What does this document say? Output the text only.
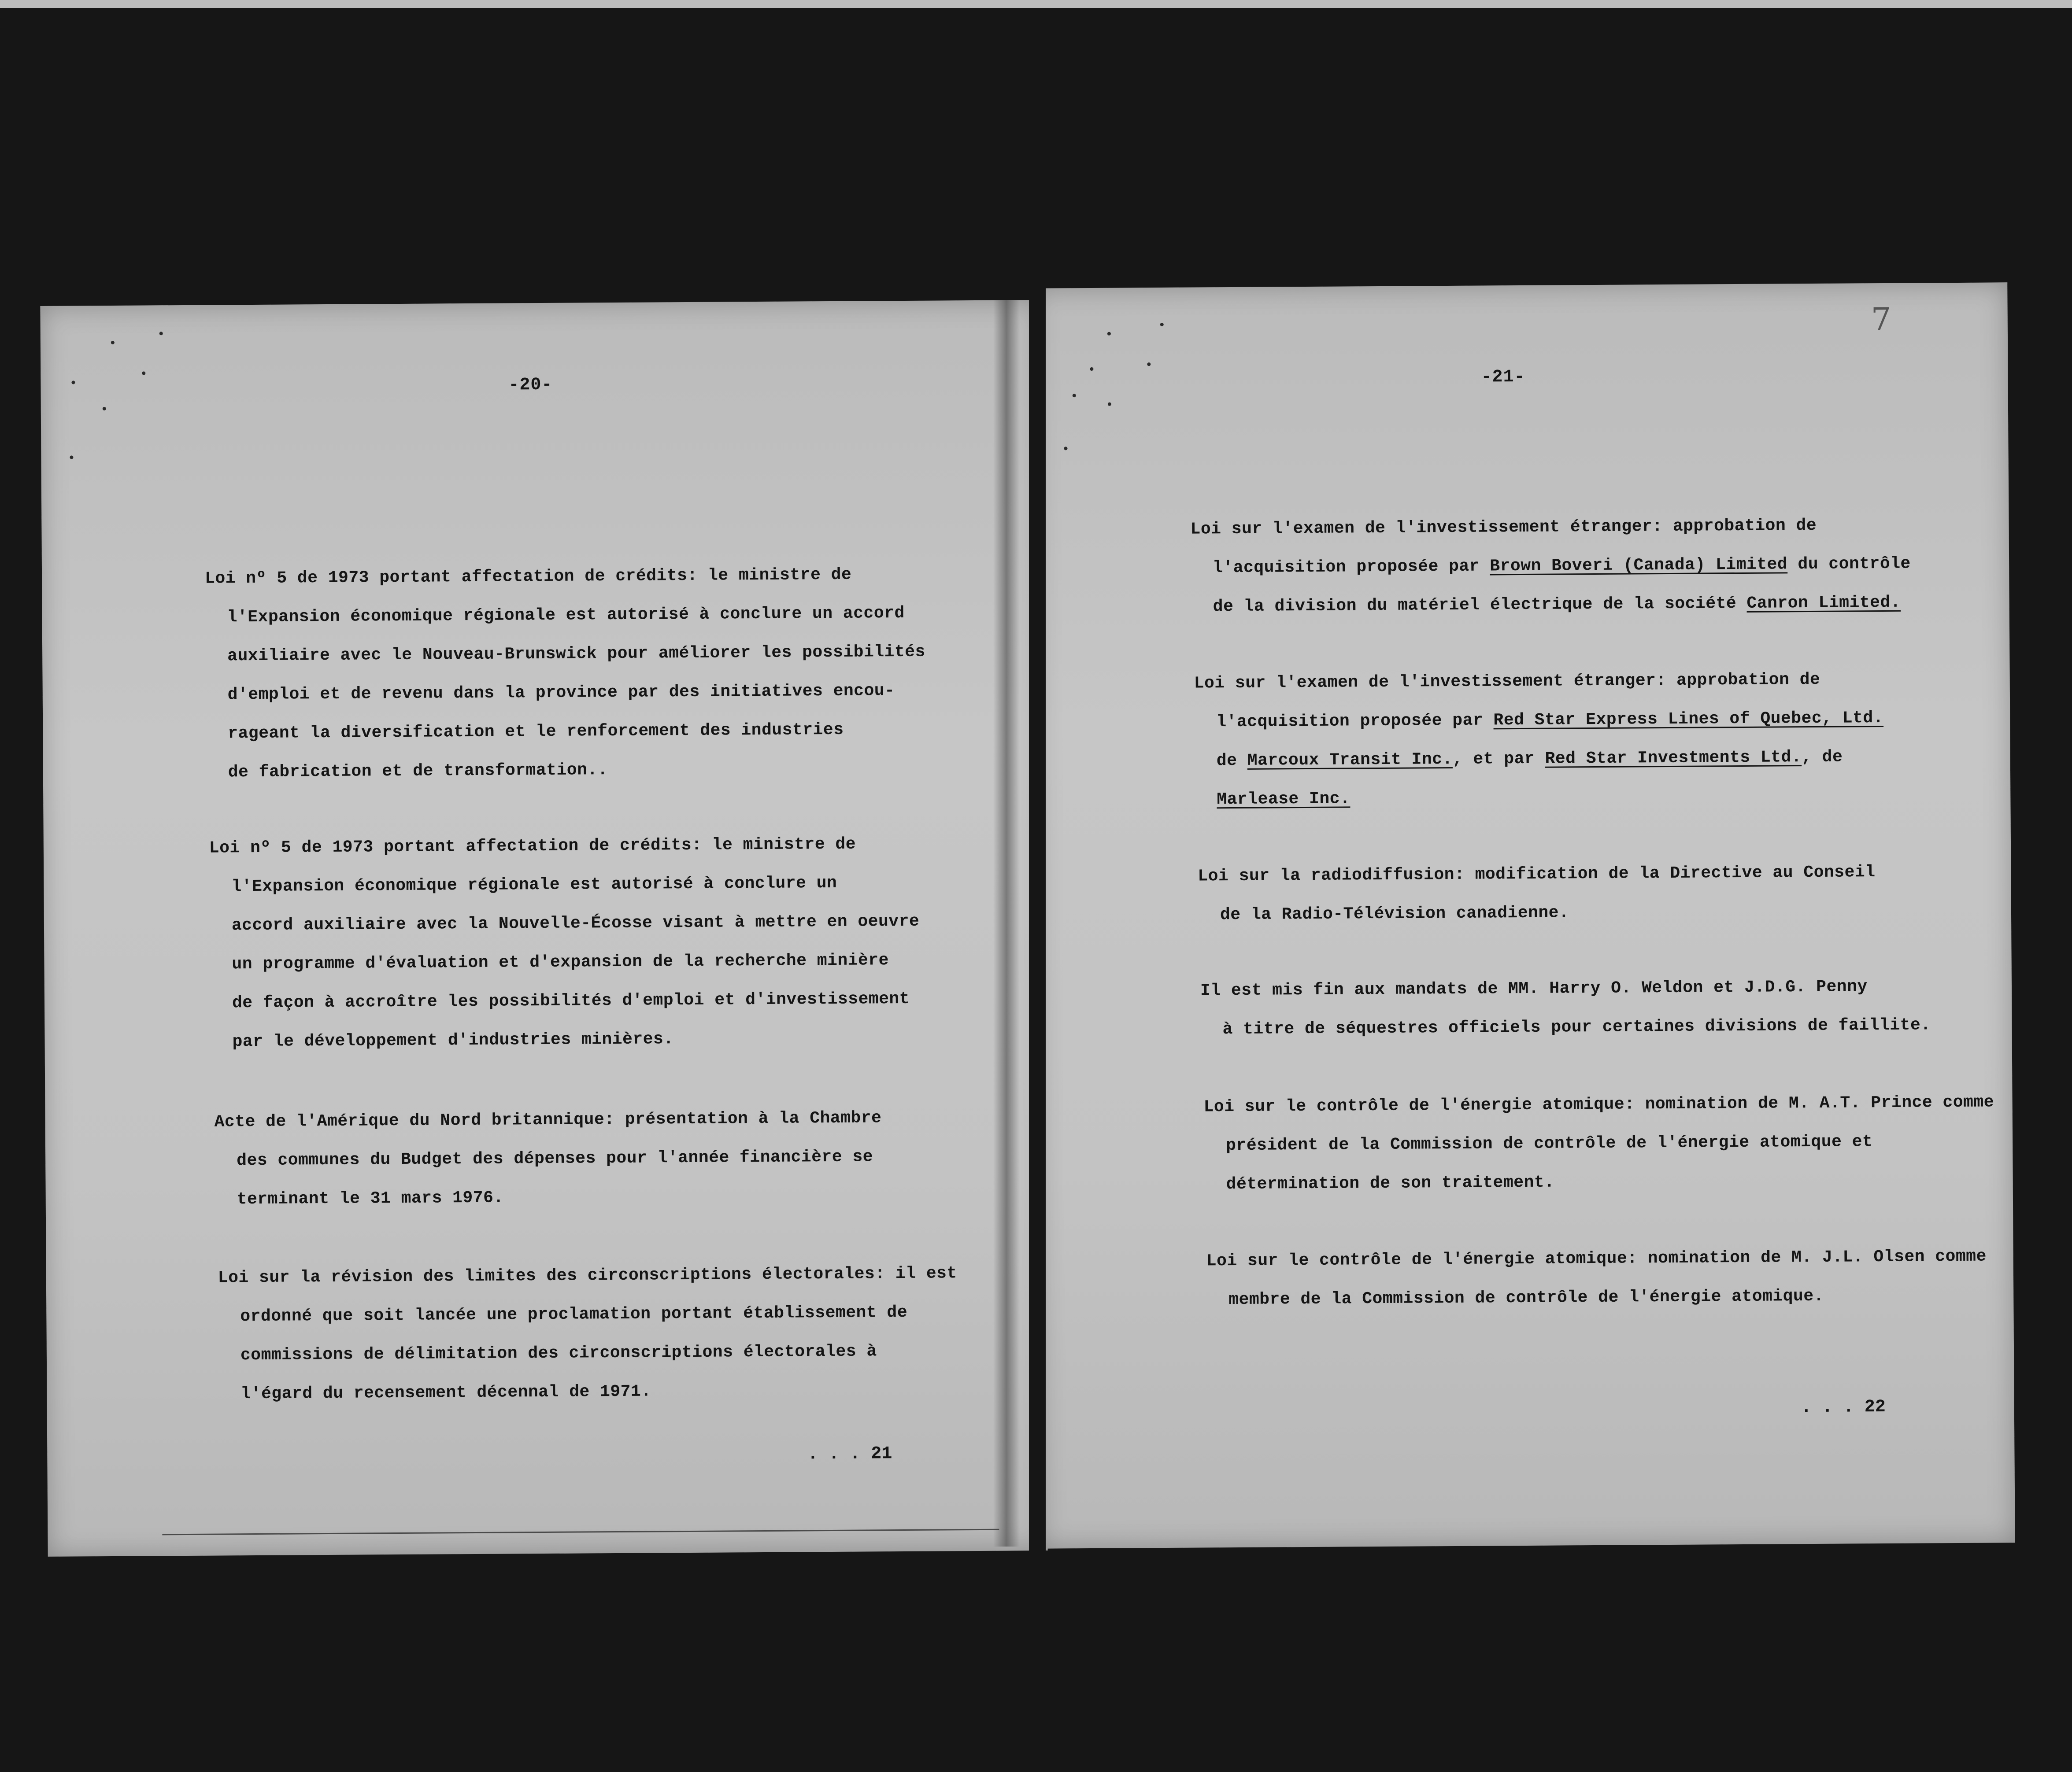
-20-
Loi nº 5 de 1973 portant affectation de crédits: le ministre de
l'Expansion économique régionale est autorisé à conclure un accord
auxiliaire avec le Nouveau-Brunswick pour améliorer les possibilités
d'emploi et de revenu dans la province par des initiatives encou-
rageant la diversification et le renforcement des industries
de fabrication et de transformation..
Loi nº 5 de 1973 portant affectation de crédits: le ministre de
l'Expansion économique régionale est autorisé à conclure un
accord auxiliaire avec la Nouvelle-Écosse visant à mettre en oeuvre
un programme d'évaluation et d'expansion de la recherche minière
de façon à accroître les possibilités d'emploi et d'investissement
par le développement d'industries minières.
Acte de l'Amérique du Nord britannique: présentation à la Chambre
des communes du Budget des dépenses pour l'année financière se
terminant le 31 mars 1976.
Loi sur la révision des limites des circonscriptions électorales: il est
ordonné que soit lancée une proclamation portant établissement de
commissions de délimitation des circonscriptions électorales à
l'égard du recensement décennal de 1971.
. . . 21
7
-21-
Loi sur l'examen de l'investissement étranger: approbation de
l'acquisition proposée par Brown Boveri (Canada) Limited du contrôle
de la division du matériel électrique de la société Canron Limited.
Loi sur l'examen de l'investissement étranger: approbation de
l'acquisition proposée par Red Star Express Lines of Quebec, Ltd.
de Marcoux Transit Inc., et par Red Star Investments Ltd., de
Marlease Inc.
Loi sur la radiodiffusion: modification de la Directive au Conseil
de la Radio-Télévision canadienne.
Il est mis fin aux mandats de MM. Harry O. Weldon et J.D.G. Penny
à titre de séquestres officiels pour certaines divisions de faillite.
Loi sur le contrôle de l'énergie atomique: nomination de M. A.T. Prince comme
président de la Commission de contrôle de l'énergie atomique et
détermination de son traitement.
Loi sur le contrôle de l'énergie atomique: nomination de M. J.L. Olsen comme
membre de la Commission de contrôle de l'énergie atomique.
. . . 22
